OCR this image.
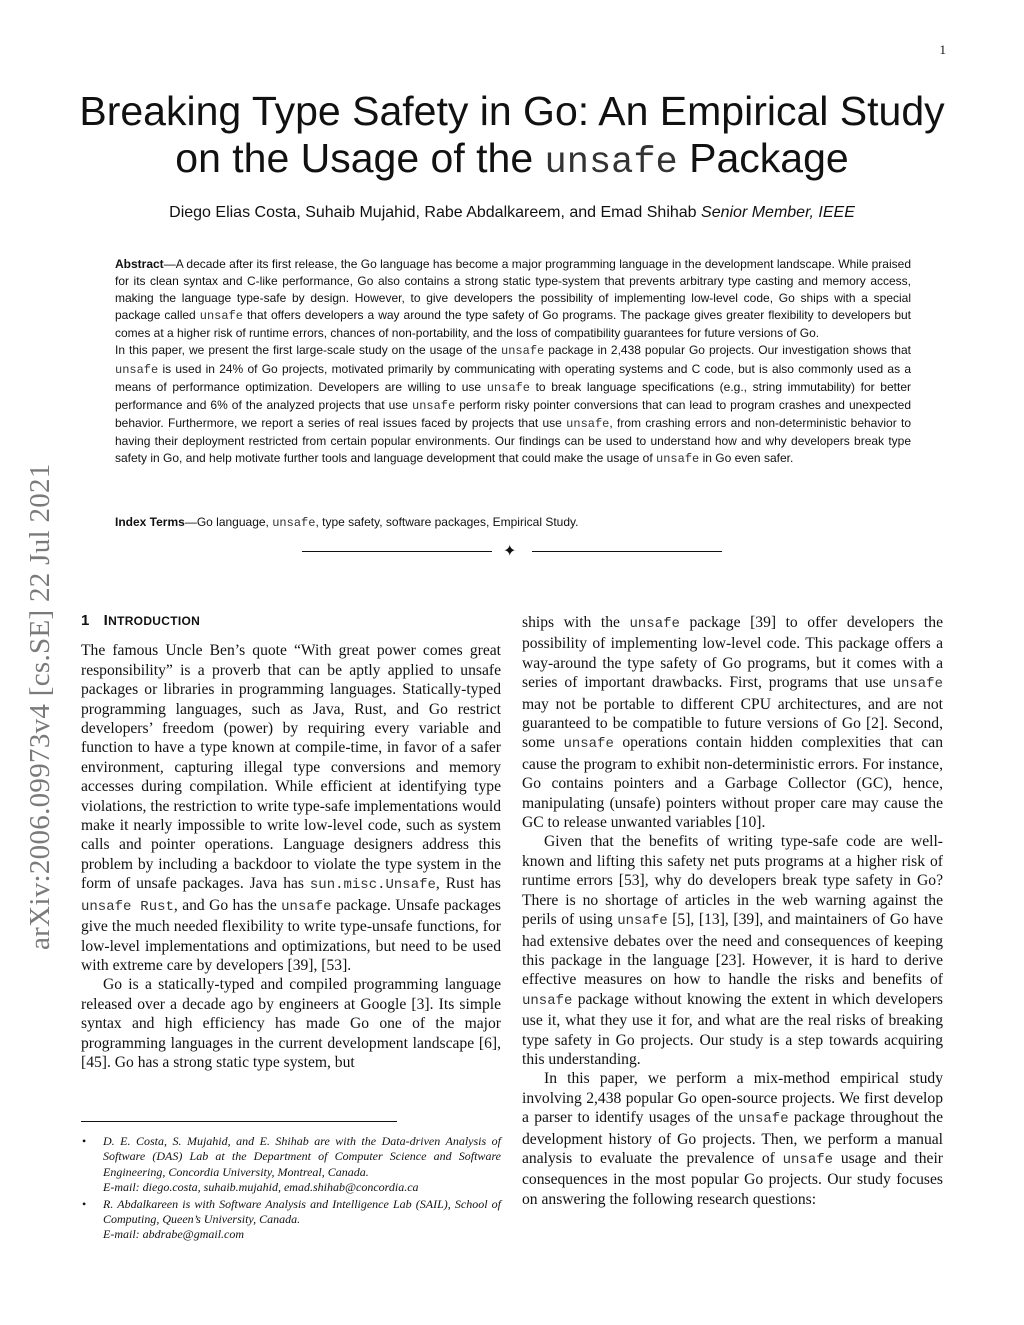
1
Breaking Type Safety in Go: An Empirical Study
on the Usage of the unsafe Package
Diego Elias Costa, Suhaib Mujahid, Rabe Abdalkareem, and Emad Shihab Senior Member, IEEE

Abstract—A decade after its first release, the Go language has become a major programming language in the development landscape. While praised for its clean syntax and C-like performance, Go also contains a strong static type-system that prevents arbitrary type casting and memory access, making the language type-safe by design. However, to give developers the possibility of implementing low-level code, Go ships with a special package called unsafe that offers developers a way around the type safety of Go programs. The package gives greater flexibility to developers but comes at a higher risk of runtime errors, chances of non-portability, and the loss of compatibility guarantees for future versions of Go.

In this paper, we present the first large-scale study on the usage of the unsafe package in 2,438 popular Go projects. Our investigation shows that unsafe is used in 24% of Go projects, motivated primarily by communicating with operating systems and C code, but is also commonly used as a means of performance optimization. Developers are willing to use unsafe to break language specifications (e.g., string immutability) for better performance and 6% of the analyzed projects that use unsafe perform risky pointer conversions that can lead to program crashes and unexpected behavior. Furthermore, we report a series of real issues faced by projects that use unsafe, from crashing errors and non-deterministic behavior to having their deployment restricted from certain popular environments. Our findings can be used to understand how and why developers break type safety in Go, and help motivate further tools and language development that could make the usage of unsafe in Go even safer.

Index Terms—Go language, unsafe, type safety, software packages, Empirical Study.
✦
arXiv:2006.09973v4 [cs.SE] 22 Jul 2021 1 INTRODUCTION

The famous Uncle Ben’s quote “With great power comes great responsibility” is a proverb that can be aptly applied to unsafe packages or libraries in programming languages. Statically-typed programming languages, such as Java, Rust, and Go restrict developers’ freedom (power) by requiring every variable and function to have a type known at compile-time, in favor of a safer environment, capturing illegal type conversions and memory accesses during compilation. While efficient at identifying type violations, the restriction to write type-safe implementations would make it nearly impossible to write low-level code, such as system calls and pointer operations. Language designers address this problem by including a backdoor to violate the type system in the form of unsafe packages. Java has sun.misc.Unsafe, Rust has unsafe Rust, and Go has the unsafe package. Unsafe packages give the much needed flexibility to write type-unsafe functions, for low-level implementations and optimizations, but need to be used with extreme care by developers [39], [53].

Go is a statically-typed and compiled programming language released over a decade ago by engineers at Google [3]. Its simple syntax and high efficiency has made Go one of the major programming languages in the current development landscape [6], [45]. Go has a strong static type system, but

• D. E. Costa, S. Mujahid, and E. Shihab are with the Data-driven Analysis of Software (DAS) Lab at the Department of Computer Science and Software Engineering, Concordia University, Montreal, Canada.
E-mail: diego.costa, suhaib.mujahid, emad.shihab@concordia.ca
• R. Abdalkareen is with Software Analysis and Intelligence Lab (SAIL), School of Computing, Queen’s University, Canada.
E-mail: abdrabe@gmail.com

ships with the unsafe package [39] to offer developers the possibility of implementing low-level code. This package offers a way-around the type safety of Go programs, but it comes with a series of important drawbacks. First, programs that use unsafe may not be portable to different CPU architectures, and are not guaranteed to be compatible to future versions of Go [2]. Second, some unsafe operations contain hidden complexities that can cause the program to exhibit non-deterministic errors. For instance, Go contains pointers and a Garbage Collector (GC), hence, manipulating (unsafe) pointers without proper care may cause the GC to release unwanted variables [10].

Given that the benefits of writing type-safe code are well-known and lifting this safety net puts programs at a higher risk of runtime errors [53], why do developers break type safety in Go? There is no shortage of articles in the web warning against the perils of using unsafe [5], [13], [39], and maintainers of Go have had extensive debates over the need and consequences of keeping this package in the language [23]. However, it is hard to derive effective measures on how to handle the risks and benefits of unsafe package without knowing the extent in which developers use it, what they use it for, and what are the real risks of breaking type safety in Go projects. Our study is a step towards acquiring this understanding.

In this paper, we perform a mix-method empirical study involving 2,438 popular Go open-source projects. We first develop a parser to identify usages of the unsafe package throughout the development history of Go projects. Then, we perform a manual analysis to evaluate the prevalence of unsafe usage and their consequences in the most popular Go projects. Our study focuses on answering the following research questions:
